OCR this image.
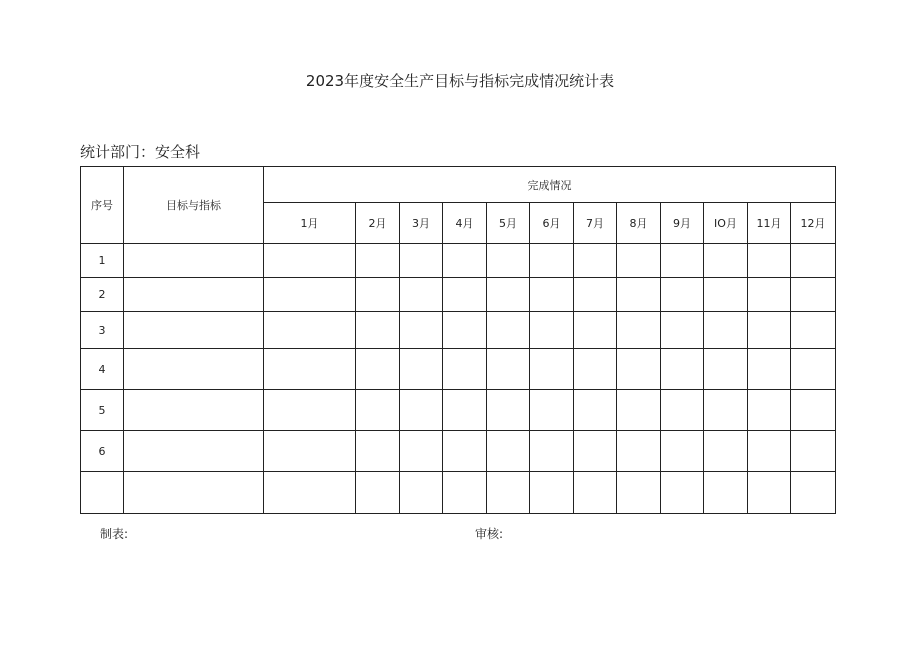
2023年度安全生产目标与指标完成情况统计表
统计部门：安全科
序号	目标与指标	完成情况											
		1月	2月	3月	4月	5月	6月	7月	8月	9月	IO月	11月	12月
1													
2													
3													
4													
5													
6													

制表:	审核:
